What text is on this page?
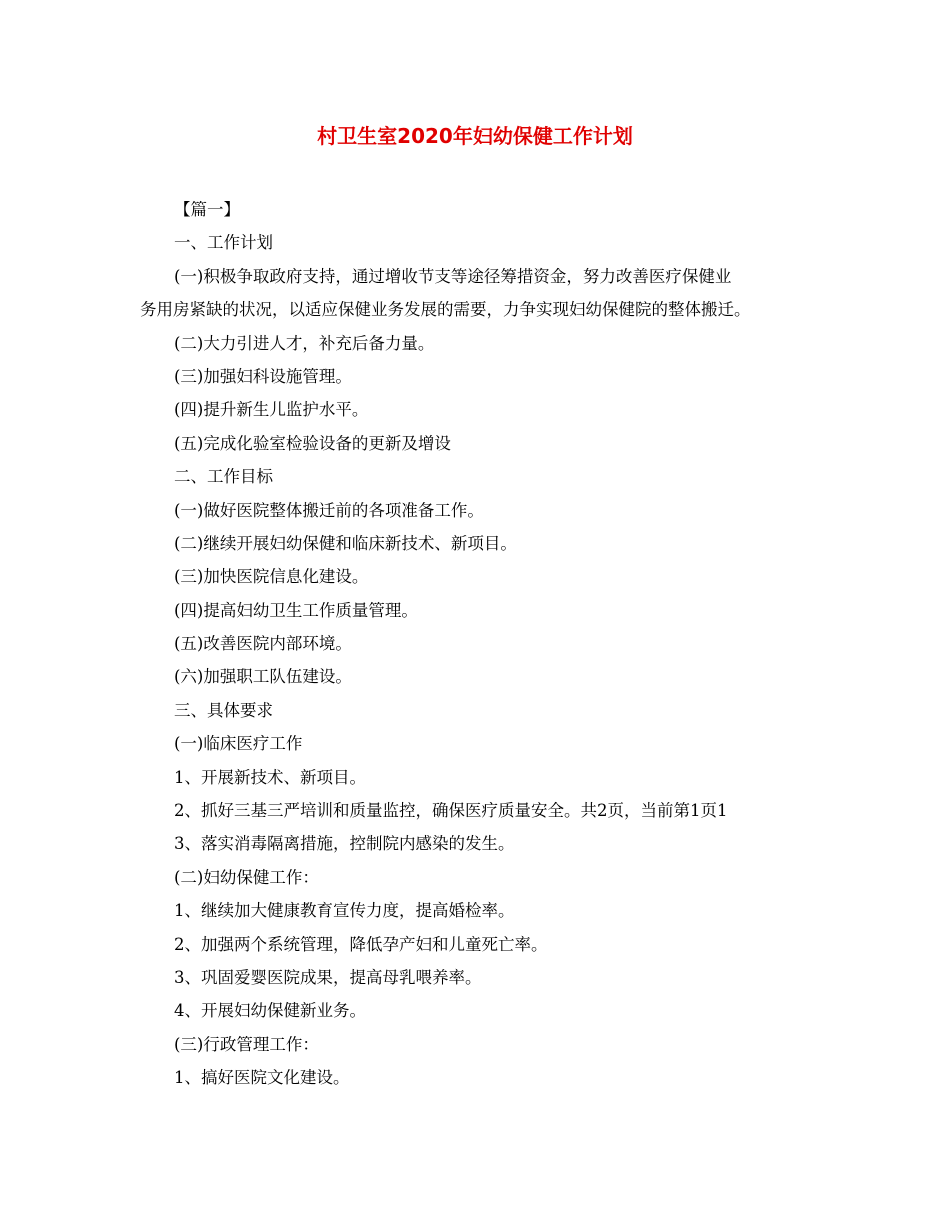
村卫生室2020年妇幼保健工作计划
【篇一】
一、工作计划
(一)积极争取政府支持，通过增收节支等途径筹措资金，努力改善医疗保健业
务用房紧缺的状况，以适应保健业务发展的需要，力争实现妇幼保健院的整体搬迁。
(二)大力引进人才，补充后备力量。
(三)加强妇科设施管理。
(四)提升新生儿监护水平。
(五)完成化验室检验设备的更新及增设
二、工作目标
(一)做好医院整体搬迁前的各项准备工作。
(二)继续开展妇幼保健和临床新技术、新项目。
(三)加快医院信息化建设。
(四)提高妇幼卫生工作质量管理。
(五)改善医院内部环境。
(六)加强职工队伍建设。
三、具体要求
(一)临床医疗工作
1、开展新技术、新项目。
2、抓好三基三严培训和质量监控，确保医疗质量安全。共2页，当前第1页1
3、落实消毒隔离措施，控制院内感染的发生。
(二)妇幼保健工作：
1、继续加大健康教育宣传力度，提高婚检率。
2、加强两个系统管理，降低孕产妇和儿童死亡率。
3、巩固爱婴医院成果，提高母乳喂养率。
4、开展妇幼保健新业务。
(三)行政管理工作：
1、搞好医院文化建设。
